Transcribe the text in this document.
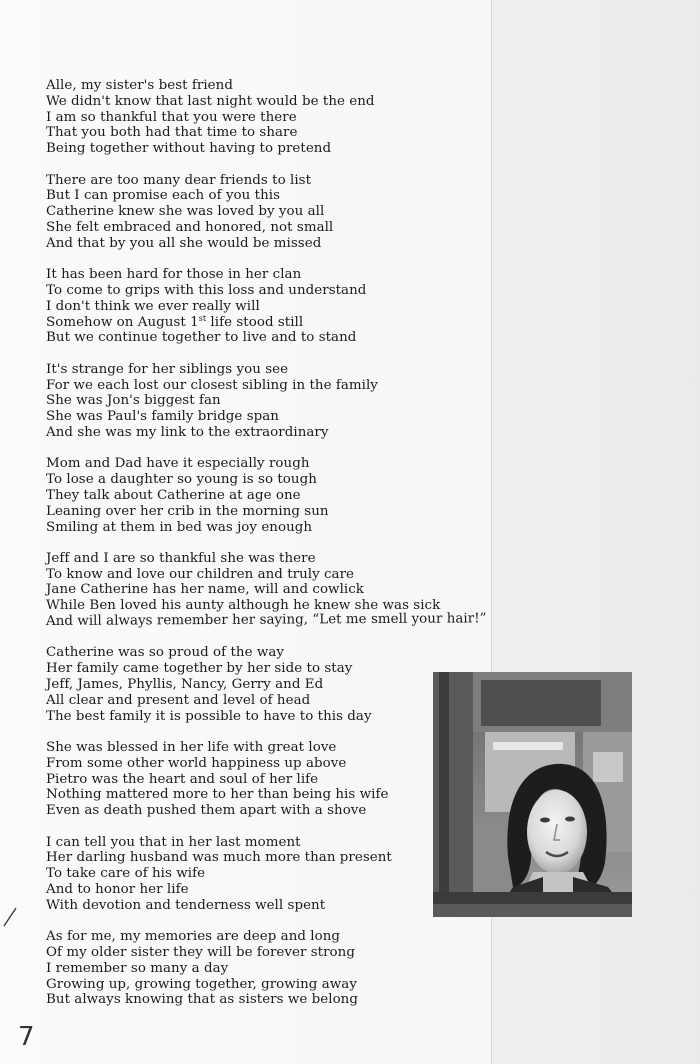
Alle, my sister's best friend
We didn't know that last night would be the end
I am so thankful that you were there
That you both had that time to share
Being together without having to pretend
There are too many dear friends to list
But I can promise each of you this
Catherine knew she was loved by you all
She felt embraced and honored, not small
And that by you all she would be missed
It has been hard for those in her clan
To come to grips with this loss and understand
I don't think we ever really will
Somehow on August 1st life stood still
But we continue together to live and to stand
It's strange for her siblings you see
For we each lost our closest sibling in the family
She was Jon's biggest fan
She was Paul's family bridge span
And she was my link to the extraordinary
Mom and Dad have it especially rough
To lose a daughter so young is so tough
They talk about Catherine at age one
Leaning over her crib in the morning sun
Smiling at them in bed was joy enough
Jeff and I are so thankful she was there
To know and love our children and truly care
Jane Catherine has her name, will and cowlick
While Ben loved his aunty although he knew she was sick
And will always remember her saying, “Let me smell your hair!”
Catherine was so proud of the way
Her family came together by her side to stay
Jeff, James, Phyllis, Nancy, Gerry and Ed
All clear and present and level of head
The best family it is possible to have to this day
She was blessed in her life with great love
From some other world happiness up above
Pietro was the heart and soul of her life
Nothing mattered more to her than being his wife
Even as death pushed them apart with a shove
I can tell you that in her last moment
Her darling husband was much more than present
To take care of his wife
And to honor her life
With devotion and tenderness well spent
As for me, my memories are deep and long
Of my older sister they will be forever strong
I remember so many a day
Growing up, growing together, growing away
But always knowing that as sisters we belong
7
